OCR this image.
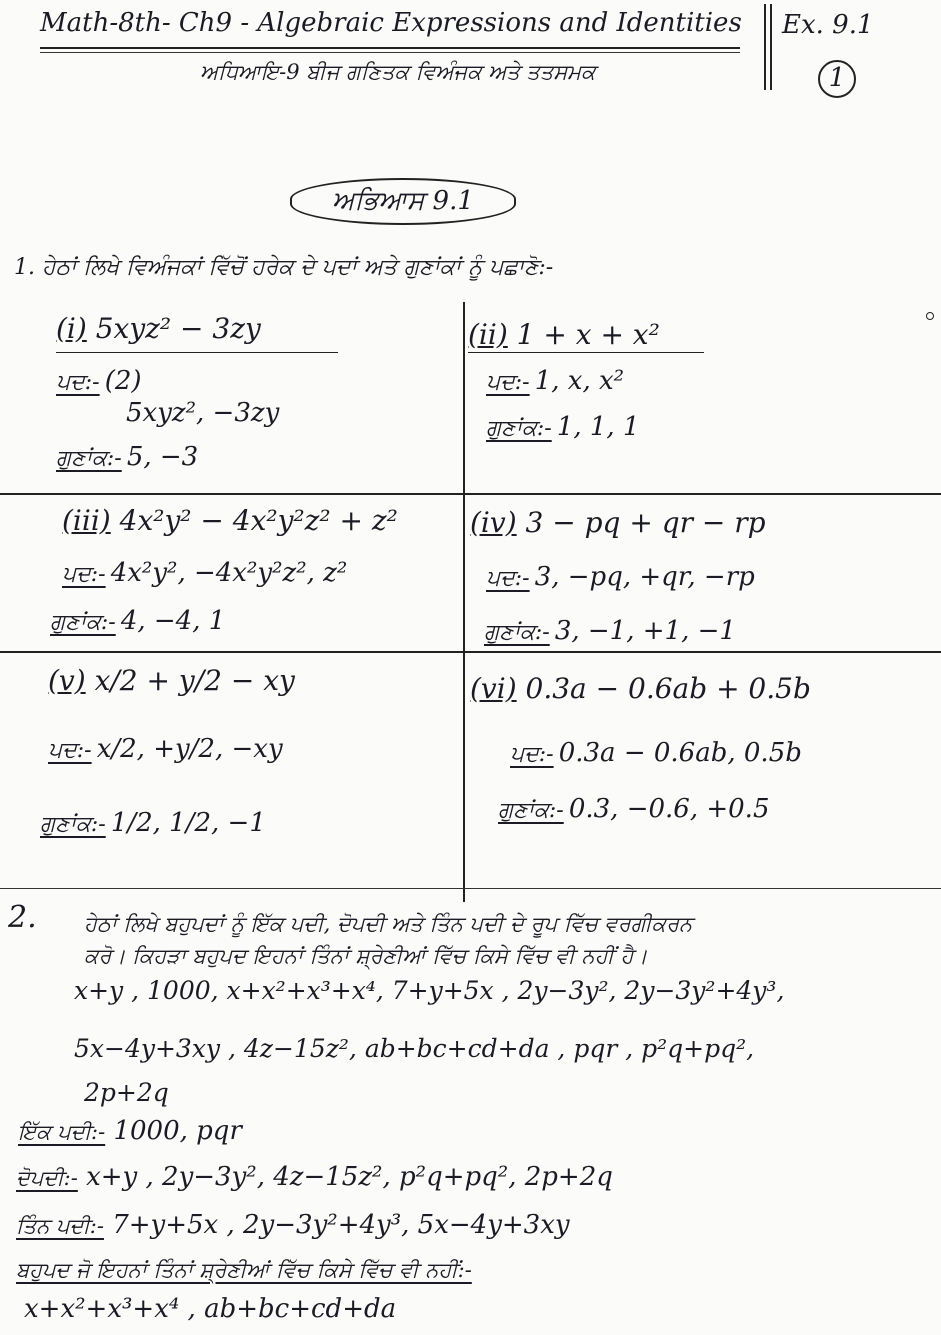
Math-8th- Ch9 - Algebraic Expressions and Identities
ਅਧਿਆਇ-9 ਬੀਜ ਗਣਿਤਕ ਵਿਅੰਜਕ ਅਤੇ ਤਤਸਮਕ
Ex. 9.1
1
ਅਭਿਆਸ 9.1
1. ਹੇਠਾਂ ਲਿਖੇ ਵਿਅੰਜਕਾਂ ਵਿੱਚੋਂ ਹਰੇਕ ਦੇ ਪਦਾਂ ਅਤੇ ਗੁਣਾਂਕਾਂ ਨੂੰ ਪਛਾਣੋ:-
(i) 5xyz² − 3zy
ਪਦ:- (2)
5xyz², −3zy
ਗੁਣਾਂਕ:- 5, −3
(ii) 1 + x + x²
ਪਦ:- 1, x, x²
ਗੁਣਾਂਕ:- 1, 1, 1
(iii) 4x²y² − 4x²y²z² + z²
ਪਦ:- 4x²y², −4x²y²z², z²
ਗੁਣਾਂਕ:- 4, −4, 1
(iv) 3 − pq + qr − rp
ਪਦ:- 3, −pq, +qr, −rp
ਗੁਣਾਂਕ:- 3, −1, +1, −1
(v) x/2 + y/2 − xy
ਪਦ:- x/2, +y/2, −xy
ਗੁਣਾਂਕ:- 1/2, 1/2, −1
(vi) 0.3a − 0.6ab + 0.5b
ਪਦ:- 0.3a − 0.6ab, 0.5b
ਗੁਣਾਂਕ:- 0.3, −0.6, +0.5
2. ਹੇਠਾਂ ਲਿਖੇ ਬਹੁਪਦਾਂ ਨੂੰ ਇੱਕ ਪਦੀ, ਦੋਪਦੀ ਅਤੇ ਤਿੰਨ ਪਦੀ ਦੇ ਰੂਪ ਵਿੱਚ ਵਰਗੀਕਰਨ
ਕਰੋ। ਕਿਹੜਾ ਬਹੁਪਦ ਇਹਨਾਂ ਤਿੰਨਾਂ ਸ਼੍ਰੇਣੀਆਂ ਵਿੱਚ ਕਿਸੇ ਵਿੱਚ ਵੀ ਨਹੀਂ ਹੈ।
x+y , 1000, x+x²+x³+x⁴, 7+y+5x , 2y−3y², 2y−3y²+4y³,
5x−4y+3xy , 4z−15z², ab+bc+cd+da , pqr , p²q+pq²,
2p+2q
ਇੱਕ ਪਦੀ:- 1000, pqr
ਦੋਪਦੀ:- x+y , 2y−3y², 4z−15z², p²q+pq², 2p+2q
ਤਿੰਨ ਪਦੀ:- 7+y+5x , 2y−3y²+4y³, 5x−4y+3xy
ਬਹੁਪਦ ਜੋ ਇਹਨਾਂ ਤਿੰਨਾਂ ਸ਼੍ਰੇਣੀਆਂ ਵਿੱਚ ਕਿਸੇ ਵਿੱਚ ਵੀ ਨਹੀਂ:-
x+x²+x³+x⁴ , ab+bc+cd+da
